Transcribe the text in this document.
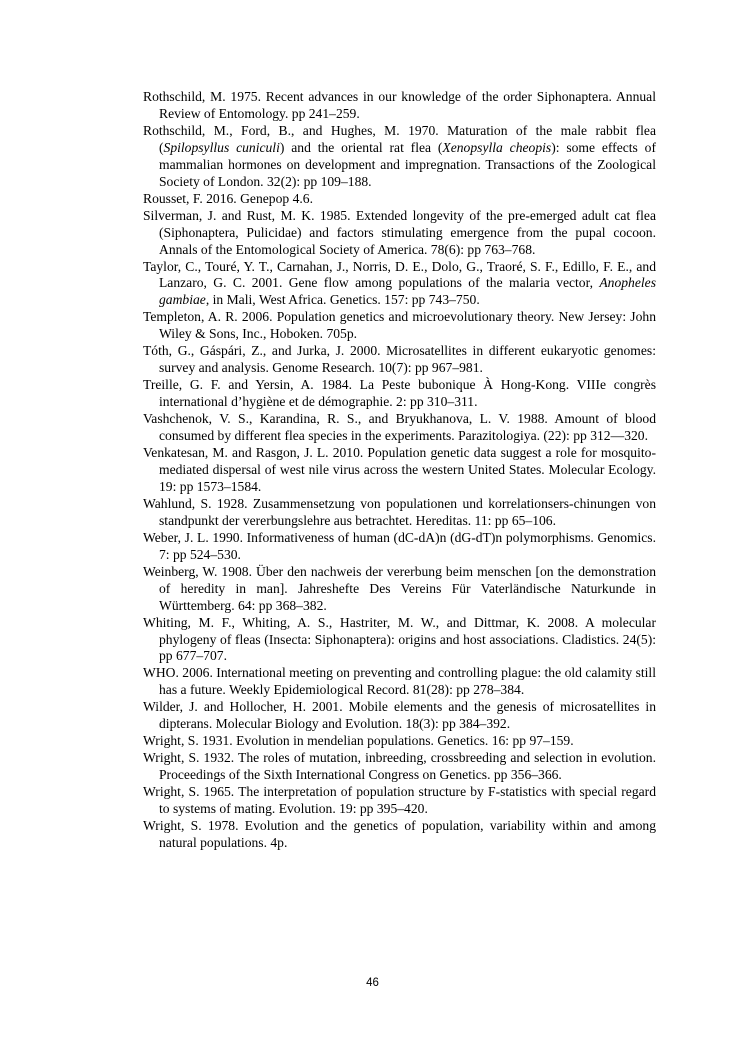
Rothschild, M. 1975. Recent advances in our knowledge of the order Siphonaptera. Annual Review of Entomology. pp 241–259.

Rothschild, M., Ford, B., and Hughes, M. 1970. Maturation of the male rabbit flea (Spilopsyllus cuniculi) and the oriental rat flea (Xenopsylla cheopis): some effects of mammalian hormones on development and impregnation. Transactions of the Zoological Society of London. 32(2): pp 109–188.

Rousset, F. 2016. Genepop 4.6.

Silverman, J. and Rust, M. K. 1985. Extended longevity of the pre-emerged adult cat flea (Siphonaptera, Pulicidae) and factors stimulating emergence from the pupal cocoon. Annals of the Entomological Society of America. 78(6): pp 763–768.

Taylor, C., Touré, Y. T., Carnahan, J., Norris, D. E., Dolo, G., Traoré, S. F., Edillo, F. E., and Lanzaro, G. C. 2001. Gene flow among populations of the malaria vector, Anopheles gambiae, in Mali, West Africa. Genetics. 157: pp 743–750.

Templeton, A. R. 2006. Population genetics and microevolutionary theory. New Jersey: John Wiley & Sons, Inc., Hoboken. 705p.

Tóth, G., Gáspári, Z., and Jurka, J. 2000. Microsatellites in different eukaryotic genomes: survey and analysis. Genome Research. 10(7): pp 967–981.

Treille, G. F. and Yersin, A. 1984. La Peste bubonique À Hong-Kong. VIIIe congrès international d’hygiène et de démographie. 2: pp 310–311.

Vashchenok, V. S., Karandina, R. S., and Bryukhanova, L. V. 1988. Amount of blood consumed by different flea species in the experiments. Parazitologiya. (22): pp 312—320.

Venkatesan, M. and Rasgon, J. L. 2010. Population genetic data suggest a role for mosquito-mediated dispersal of west nile virus across the western United States. Molecular Ecology. 19: pp 1573–1584.

Wahlund, S. 1928. Zusammensetzung von populationen und korrelationsers-chinungen von standpunkt der vererbungslehre aus betrachtet. Hereditas. 11: pp 65–106.

Weber, J. L. 1990. Informativeness of human (dC-dA)n (dG-dT)n polymorphisms. Genomics. 7: pp 524–530.

Weinberg, W. 1908. Über den nachweis der vererbung beim menschen [on the demonstration of heredity in man]. Jahreshefte Des Vereins Für Vaterländische Naturkunde in Württemberg. 64: pp 368–382.

Whiting, M. F., Whiting, A. S., Hastriter, M. W., and Dittmar, K. 2008. A molecular phylogeny of fleas (Insecta: Siphonaptera): origins and host associations. Cladistics. 24(5): pp 677–707.

WHO. 2006. International meeting on preventing and controlling plague: the old calamity still has a future. Weekly Epidemiological Record. 81(28): pp 278–384.

Wilder, J. and Hollocher, H. 2001. Mobile elements and the genesis of microsatellites in dipterans. Molecular Biology and Evolution. 18(3): pp 384–392.

Wright, S. 1931. Evolution in mendelian populations. Genetics. 16: pp 97–159.

Wright, S. 1932. The roles of mutation, inbreeding, crossbreeding and selection in evolution. Proceedings of the Sixth International Congress on Genetics. pp 356–366.

Wright, S. 1965. The interpretation of population structure by F-statistics with special regard to systems of mating. Evolution. 19: pp 395–420.

Wright, S. 1978. Evolution and the genetics of population, variability within and among natural populations. 4p.

46
